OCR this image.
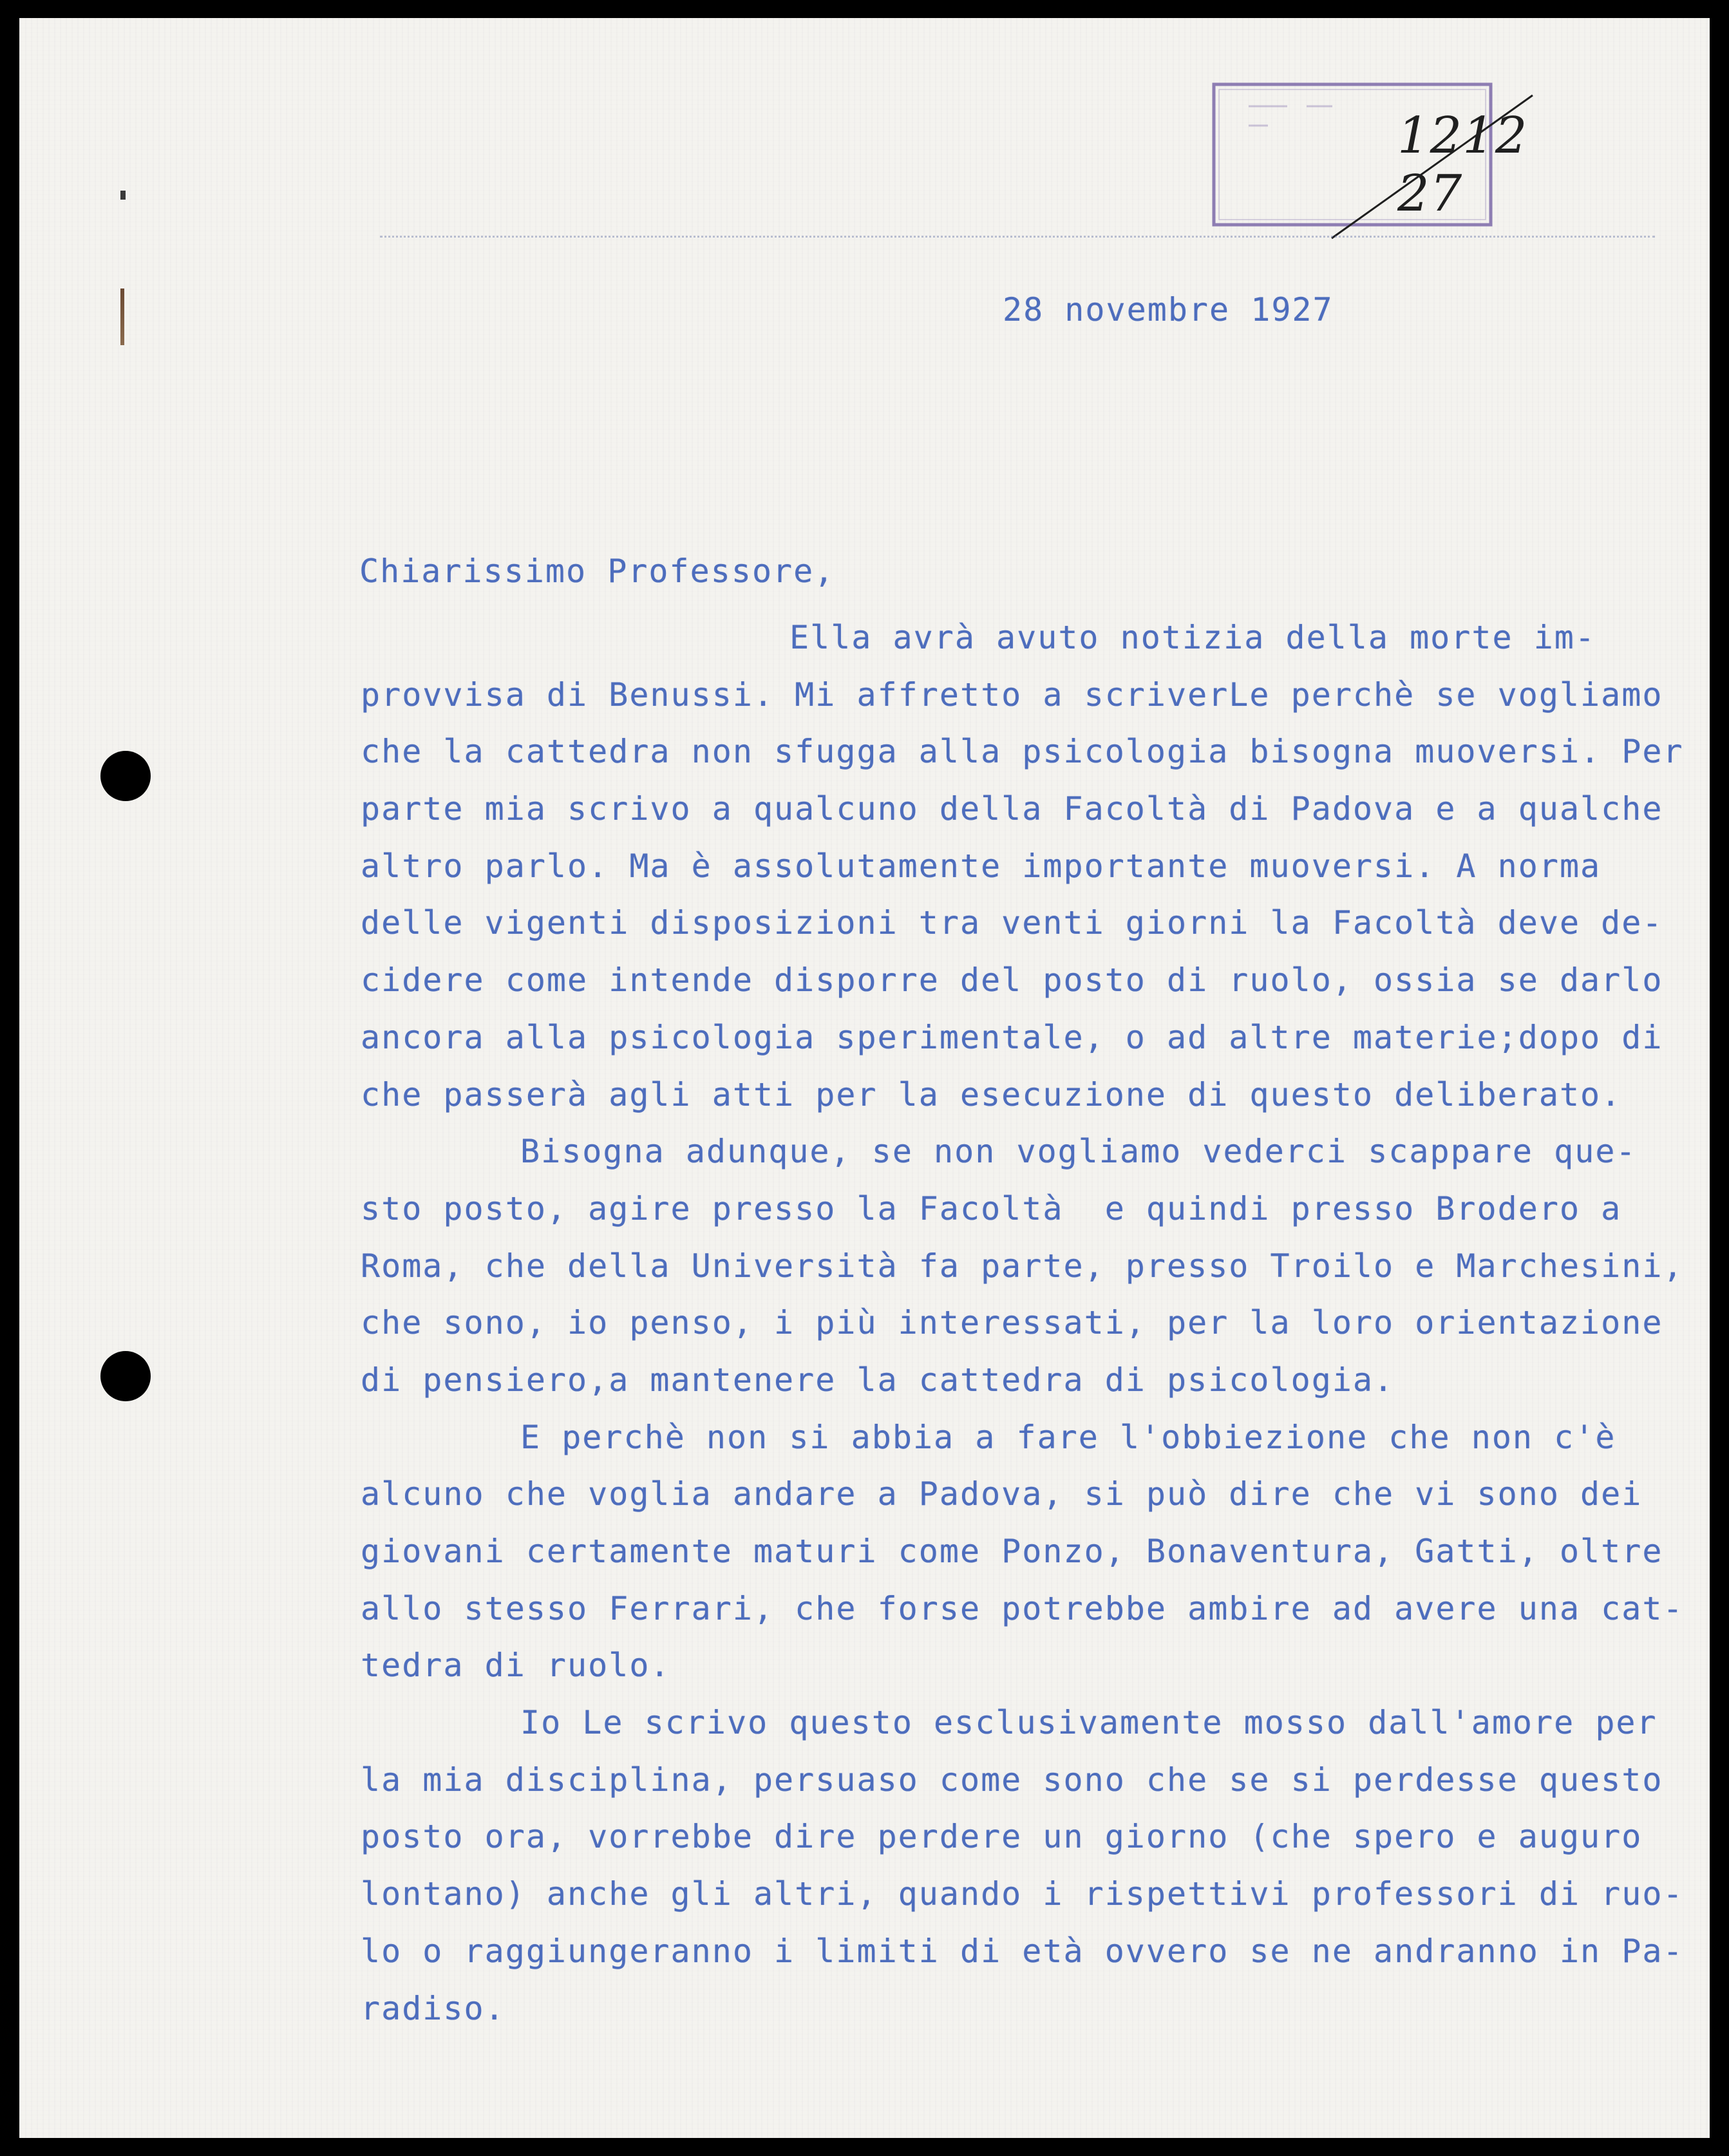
1212  27
28 novembre 1927
Chiarissimo Professore,
Ella avrà avuto notizia della morte im-
provvisa di Benussi. Mi affretto a scriverLe perchè se vogliamo
che la cattedra non sfugga alla psicologia bisogna muoversi. Per
parte mia scrivo a qualcuno della Facoltà di Padova e a qualche
altro parlo. Ma è assolutamente importante muoversi. A norma
delle vigenti disposizioni tra venti giorni la Facoltà deve de-
cidere come intende disporre del posto di ruolo, ossia se darlo
ancora alla psicologia sperimentale, o ad altre materie;dopo di
che passerà agli atti per la esecuzione di questo deliberato.
Bisogna adunque, se non vogliamo vederci scappare que-
sto posto, agire presso la Facoltà  e quindi presso Brodero a
Roma, che della Università fa parte, presso Troilo e Marchesini,
che sono, io penso, i più interessati, per la loro orientazione
di pensiero,a mantenere la cattedra di psicologia.
E perchè non si abbia a fare l'obbiezione che non c'è
alcuno che voglia andare a Padova, si può dire che vi sono dei
giovani certamente maturi come Ponzo, Bonaventura, Gatti, oltre
allo stesso Ferrari, che forse potrebbe ambire ad avere una cat-
tedra di ruolo.
Io Le scrivo questo esclusivamente mosso dall'amore per
la mia disciplina, persuaso come sono che se si perdesse questo
posto ora, vorrebbe dire perdere un giorno (che spero e auguro
lontano) anche gli altri, quando i rispettivi professori di ruo-
lo o raggiungeranno i limiti di età ovvero se ne andranno in Pa-
radiso.
